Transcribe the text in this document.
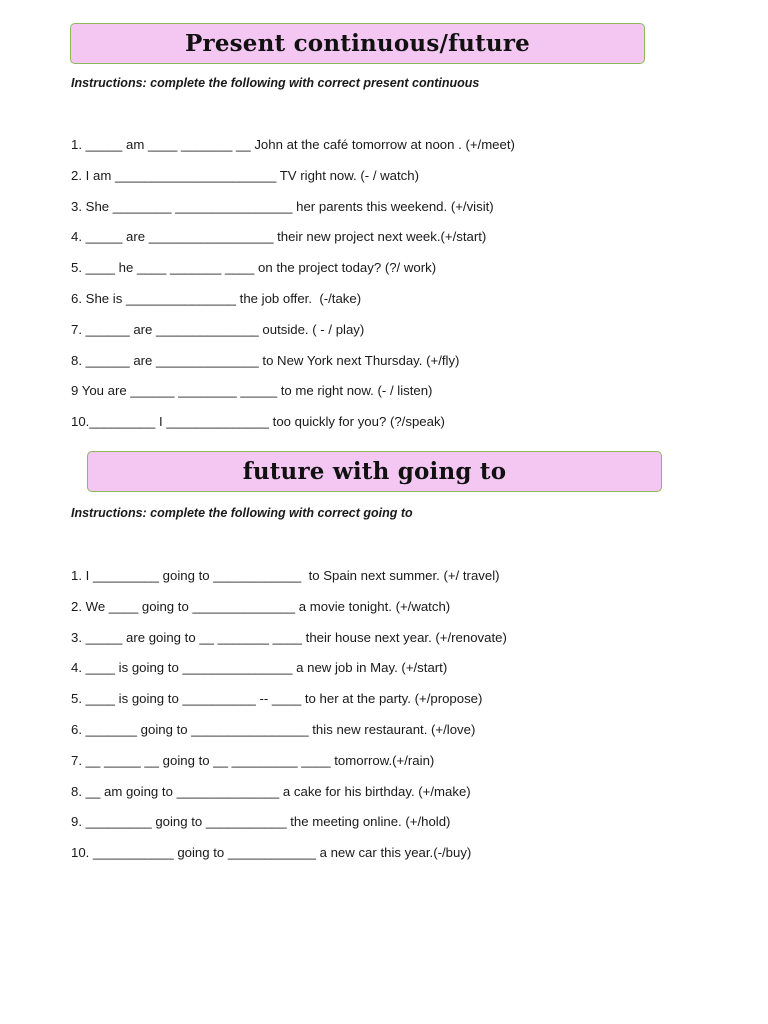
Present continuous/future
Instructions: complete the following with correct present continuous
1. _____ am ____ _______ __ John at the café tomorrow at noon . (+/meet)
2. I am ______________________ TV right now. (- / watch)
3. She ________ ________________ her parents this weekend. (+/visit)
4. _____ are _________________ their new project next week.(+/start)
5. ____ he ____ _______ ____ on the project today? (?/ work)
6. She is _______________ the job offer.  (-/take)
7. ______ are ______________ outside. ( - / play)
8. ______ are ______________ to New York next Thursday. (+/fly)
9 You are ______ ________ _____ to me right now. (- / listen)
10._________ I ______________ too quickly for you? (?/speak)
future with going to
Instructions: complete the following with correct going to
1. I _________ going to ____________  to Spain next summer. (+/ travel)
2. We ____ going to ______________ a movie tonight. (+/watch)
3. _____ are going to __ _______ ____ their house next year. (+/renovate)
4. ____ is going to _______________ a new job in May. (+/start)
5. ____ is going to __________ -- ____ to her at the party. (+/propose)
6. _______ going to ________________ this new restaurant. (+/love)
7. __ _____ __ going to __ _________ ____ tomorrow.(+/rain)
8. __ am going to ______________ a cake for his birthday. (+/make)
9. _________ going to ___________ the meeting online. (+/hold)
10. ___________ going to ____________ a new car this year.(-/buy)
